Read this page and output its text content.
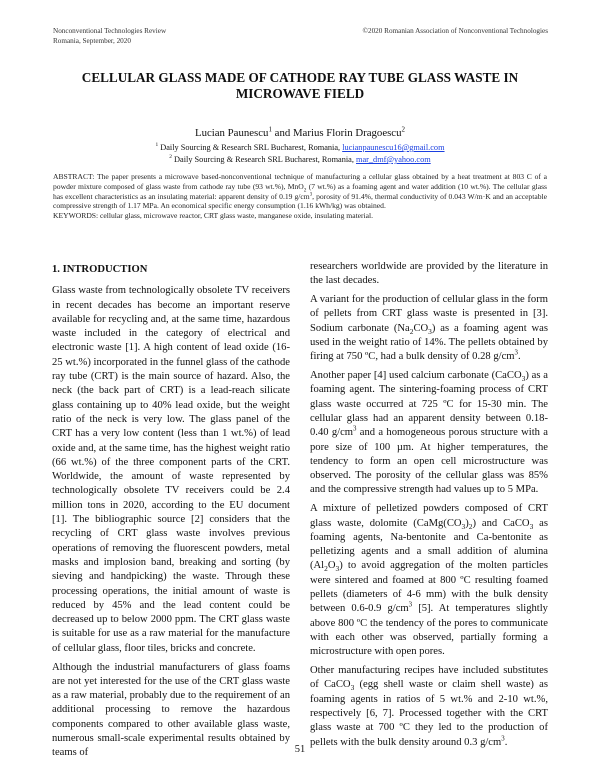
Nonconventional Technologies Review
Romania, September, 2020
©2020 Romanian Association of Nonconventional Technologies
CELLULAR GLASS MADE OF CATHODE RAY TUBE GLASS WASTE IN MICROWAVE FIELD
Lucian Paunescu$^1$ and Marius Florin Dragoescu$^2$
$^1$ Daily Sourcing & Research SRL Bucharest, Romania, lucianpaunescu16@gmail.com
$^2$ Daily Sourcing & Research SRL Bucharest, Romania, mar_dmf@yahoo.com
ABSTRACT: The paper presents a microwave based-nonconventional technique of manufacturing a cellular glass obtained by a heat treatment at 803 C of a powder mixture composed of glass waste from cathode ray tube (93 wt.%), MnO$_2$ (7 wt.%) as a foaming agent and water addition (10 wt.%). The cellular glass has excellent characteristics as an insulating material: apparent density of 0.19 $g/cm^3$, porosity of 91.4%, thermal conductivity of 0.043 W/m·K and an acceptable compressive strength of 1.17 MPa. An economical specific energy consumption (1.16 kWh/kg) was obtained.
KEYWORDS: cellular glass, microwave reactor, CRT glass waste, manganese oxide, insulating material.
1. INTRODUCTION

Glass waste from technologically obsolete TV receivers in recent decades has become an important reserve available for recycling and, at the same time, hazardous waste included in the category of electrical and electronic waste [1]. A high content of lead oxide (16-25 wt.%) incorporated in the funnel glass of the cathode ray tube (CRT) is the main source of hazard. Also, the neck (the back part of CRT) is a lead-reach silicate glass containing up to 40% lead oxide, but the weight ratio of the neck is very low. The glass panel of the CRT has a very low content (less than 1 wt.%) of lead oxide and, at the same time, has the highest weight ratio (66 wt.%) of the three component parts of the CRT. Worldwide, the amount of waste represented by technologically obsolete TV receivers could be 2.4 million tons in 2020, according to the EU document [1]. The bibliographic source [2] considers that the recycling of CRT glass waste involves previous operations of removing the fluorescent powders, metal masks and implosion band, breaking and sorting (by sieving and handpicking) the waste. Through these processing operations, the initial amount of waste is reduced by 45% and the lead content could be decreased up to below 2000 ppm. The CRT glass waste is suitable for use as a raw material for the manufacture of cellular glass, floor tiles, bricks and concrete.

Although the industrial manufacturers of glass foams are not yet interested for the use of the CRT glass waste as a raw material, probably due to the requirement of an additional processing to remove the hazardous components compared to other available glass waste, numerous small-scale experimental results obtained by teams of

researchers worldwide are provided by the literature in the last decades.

A variant for the production of cellular glass in the form of pellets from CRT glass waste is presented in [3]. Sodium carbonate $(Na_2CO_3)$ as a foaming agent was used in the weight ratio of 14%. The pellets obtained by firing at 750 ºC, had a bulk density of 0.28 $g/cm^3$.

Another paper [4] used calcium carbonate (CaCO$_3$) as a foaming agent. The sintering-foaming process of CRT glass waste occurred at 725 ºC for 15-30 min. The cellular glass had an apparent density between 0.18-0.40 $g/cm^3$ and a homogeneous porous structure with a pore size of 100 µm. At higher temperatures, the tendency to form an open cell microstructure was observed. The porosity of the cellular glass was 85% and the compressive strength had values up to 5 MPa.

A mixture of pelletized powders composed of CRT glass waste, dolomite $(CaMg(CO_3)_2)$ and CaCO$_3$ as foaming agents, Na-bentonite and Ca-bentonite as pelletizing agents and a small addition of alumina $(Al_2O_3)$ to avoid aggregation of the molten particles were sintered and foamed at 800 ºC resulting foamed pellets (diameters of 4-6 mm) with the bulk density between 0.6-0.9 $g/cm^3$ [5]. At temperatures slightly above 800 ºC the tendency of the pores to communicate with each other was observed, partially forming a microstructure with open pores.

Other manufacturing recipes have included substitutes of CaCO$_3$ (egg shell waste or claim shell waste) as foaming agents in ratios of 5 wt.% and 2-10 wt.%, respectively [6, 7]. Processed together with the CRT glass waste at 700 ºC they led to the production of pellets with the bulk density around 0.3 $g/cm^3$.

51
